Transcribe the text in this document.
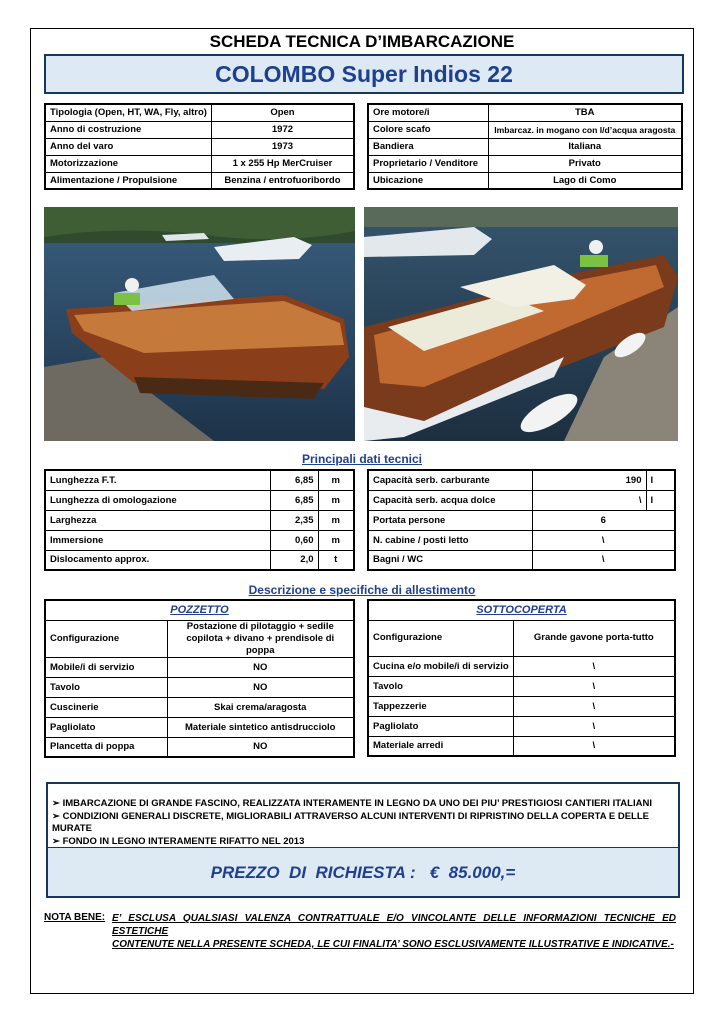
SCHEDA TECNICA D’IMBARCAZIONE
COLOMBO Super Indios 22
Tipologia (Open, HT, WA, Fly, altro)	Open
Anno di costruzione	1972
Anno del varo	1973
Motorizzazione	1 x 255 Hp MerCruiser
Alimentazione / Propulsione	Benzina / entrofuoribordo
Ore motore/i	TBA
Colore scafo	Imbarcaz. in mogano con l/d’acqua aragosta
Bandiera	Italiana
Proprietario / Venditore	Privato
Ubicazione	Lago di Como
Principali dati tecnici
Lunghezza F.T.	6,85	m
Lunghezza di omologazione	6,85	m
Larghezza	2,35	m
Immersione	0,60	m
Dislocamento approx.	2,0	t
Capacità serb. carburante	190	l
Capacità serb. acqua dolce	\	l
Portata persone	6	
N. cabine / posti letto	\	
Bagni / WC	\	
Descrizione e specifiche di allestimento
POZZETTO	
Configurazione	Postazione di pilotaggio + sedile copilota + divano + prendisole di poppa
Mobile/i di servizio	NO
Tavolo	NO
Cuscinerie	Skai crema/aragosta
Pagliolato	Materiale sintetico antisdrucciolo
Plancetta di poppa	NO
SOTTOCOPERTA	
Configurazione	Grande gavone porta-tutto
Cucina e/o mobile/i di servizio	\
Tavolo	\
Tappezzerie	\
Pagliolato	\
Materiale arredi	\
➢ IMBARCAZIONE DI GRANDE FASCINO, REALIZZATA INTERAMENTE IN LEGNO DA UNO DEI PIU’ PRESTIGIOSI CANTIERI ITALIANI
➢ CONDIZIONI GENERALI DISCRETE, MIGLIORABILI ATTRAVERSO ALCUNI INTERVENTI DI RIPRISTINO DELLA COPERTA E DELLE MURATE
➢ FONDO IN LEGNO INTERAMENTE RIFATTO NEL 2013
PREZZO  DI  RICHIESTA :   €  85.000,=
NOTA BENE: E’ ESCLUSA QUALSIASI VALENZA CONTRATTUALE E/O VINCOLANTE DELLE INFORMAZIONI TECNICHE ED ESTETICHE
CONTENUTE NELLA PRESENTE SCHEDA, LE CUI FINALITA’ SONO ESCLUSIVAMENTE ILLUSTRATIVE E INDICATIVE.-
